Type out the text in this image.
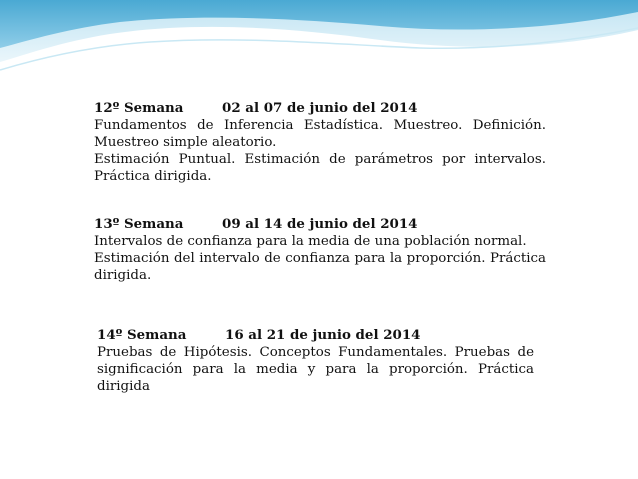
12º Semana	02 al 07 de junio del 2014

Fundamentos de Inferencia Estadística. Muestreo. Definición. Muestreo simple aleatorio.

Estimación Puntual. Estimación de parámetros por intervalos. Práctica dirigida.

13º Semana	09 al 14 de junio del 2014

Intervalos de confianza para la media de una población normal.

Estimación del intervalo de confianza para la proporción. Práctica dirigida.

14º Semana	16 al 21 de junio del 2014

Pruebas de Hipótesis. Conceptos Fundamentales. Pruebas de significación para la media y para la proporción. Práctica dirigida
